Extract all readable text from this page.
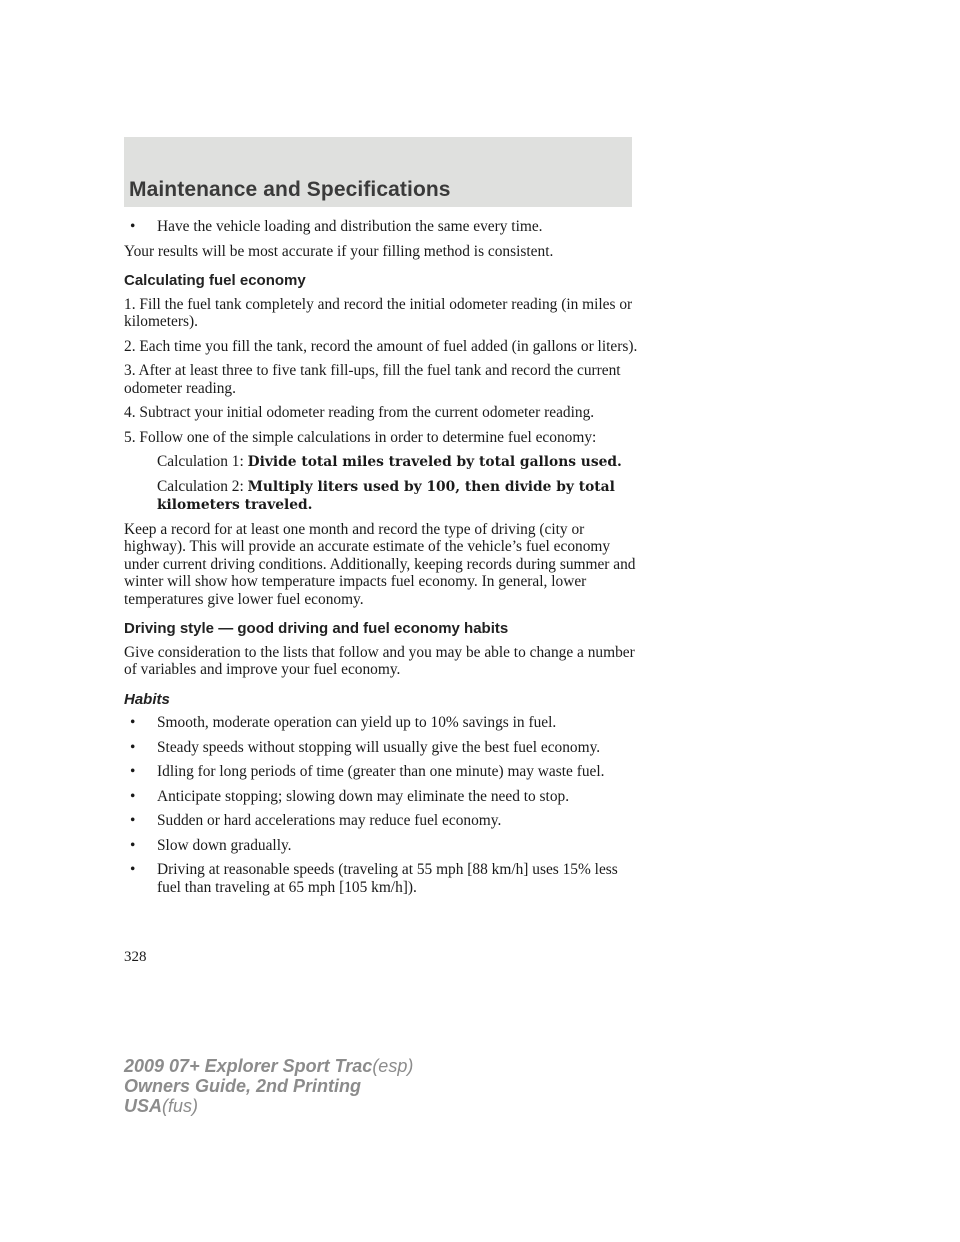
Maintenance and Specifications
• Have the vehicle loading and distribution the same every time.

Your results will be most accurate if your filling method is consistent.

Calculating fuel economy

1. Fill the fuel tank completely and record the initial odometer reading (in miles or kilometers).

2. Each time you fill the tank, record the amount of fuel added (in gallons or liters).

3. After at least three to five tank fill-ups, fill the fuel tank and record the current odometer reading.

4. Subtract your initial odometer reading from the current odometer reading.

5. Follow one of the simple calculations in order to determine fuel economy:

Calculation 1: Divide total miles traveled by total gallons used.

Calculation 2: Multiply liters used by 100, then divide by total kilometers traveled.

Keep a record for at least one month and record the type of driving (city or highway). This will provide an accurate estimate of the vehicle’s fuel economy under current driving conditions. Additionally, keeping records during summer and winter will show how temperature impacts fuel economy. In general, lower temperatures give lower fuel economy.

Driving style — good driving and fuel economy habits

Give consideration to the lists that follow and you may be able to change a number of variables and improve your fuel economy.

Habits
• Smooth, moderate operation can yield up to 10% savings in fuel.
• Steady speeds without stopping will usually give the best fuel economy.
• Idling for long periods of time (greater than one minute) may waste fuel.
• Anticipate stopping; slowing down may eliminate the need to stop.
• Sudden or hard accelerations may reduce fuel economy.
• Slow down gradually.
• Driving at reasonable speeds (traveling at 55 mph [88 km/h] uses 15% less fuel than traveling at 65 mph [105 km/h]).
328
2009 07+ Explorer Sport Trac(esp)
Owners Guide, 2nd Printing
USA(fus)
